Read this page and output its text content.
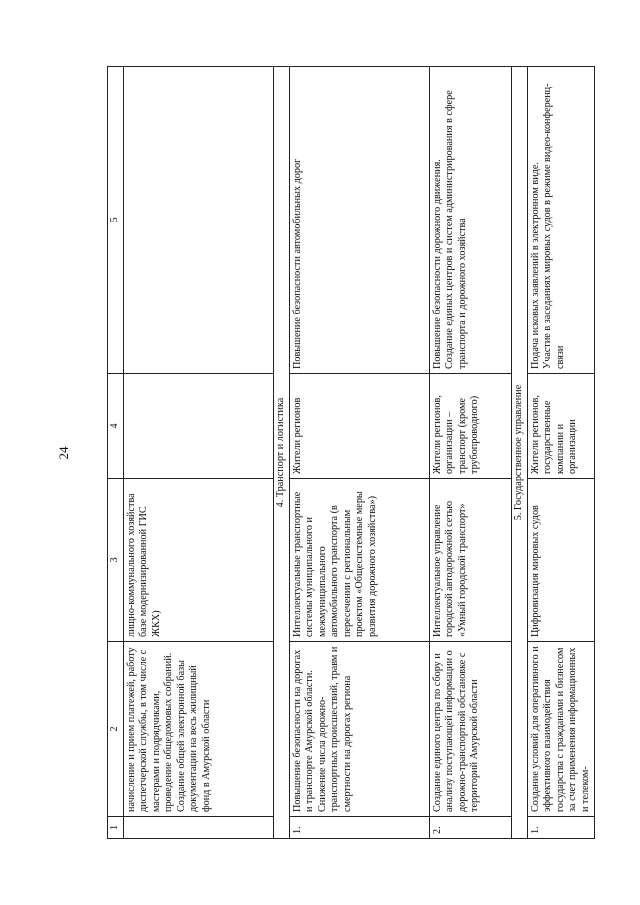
24
1	2	3	4	5

	начисление и прием платежей, работу диспетчерской службы, в том числе с мастерами и подрядчиками, проведение общедомовых собраний. Создание общей электронной базы документации на весь жилищный фонд в Амурской области	лищно-коммунального хозяйства базе модернизированной ГИС ЖКХ)		
4. Транспорт и логистика				
1.	Повышение безопасности на дорогах и транспорте Амурской области. Снижение числа дорожно-транспортных происшествий, травм и смертности на дорогах региона	Интеллектуальные транспортные системы муниципального и межмуниципального автомобильного транспорта (в пересечении с региональным проектом «Общесистемные меры развития дорожного хозяйства»)	Жители регионов	Повышение безопасности автомобильных дорог

2.	Создание единого центра по сбору и анализу поступающей информации о дорожно-транспортной обстановке с территорий Амурской области	Интеллектуальное управление городской автодорожной сетью «Умный городской транспорт»	Жители регионов, организации – транспорт (кроме трубопроводного)	Повышение безопасности дорожного движения. Создание единых центров и систем администрирования в сфере транспорта и дорожного хозяйства

5. Государственное управление				
1.	Создание условий для оперативного и эффективного взаимодействия государства с гражданами и бизнесом за счет применения информационных и телеком-	Цифровизация мировых судов	Жители регионов, государственные компании и организации	Подача исковых заявлений в электронном виде. Участие в заседаниях мировых судов в режиме видео-конференц-связи
